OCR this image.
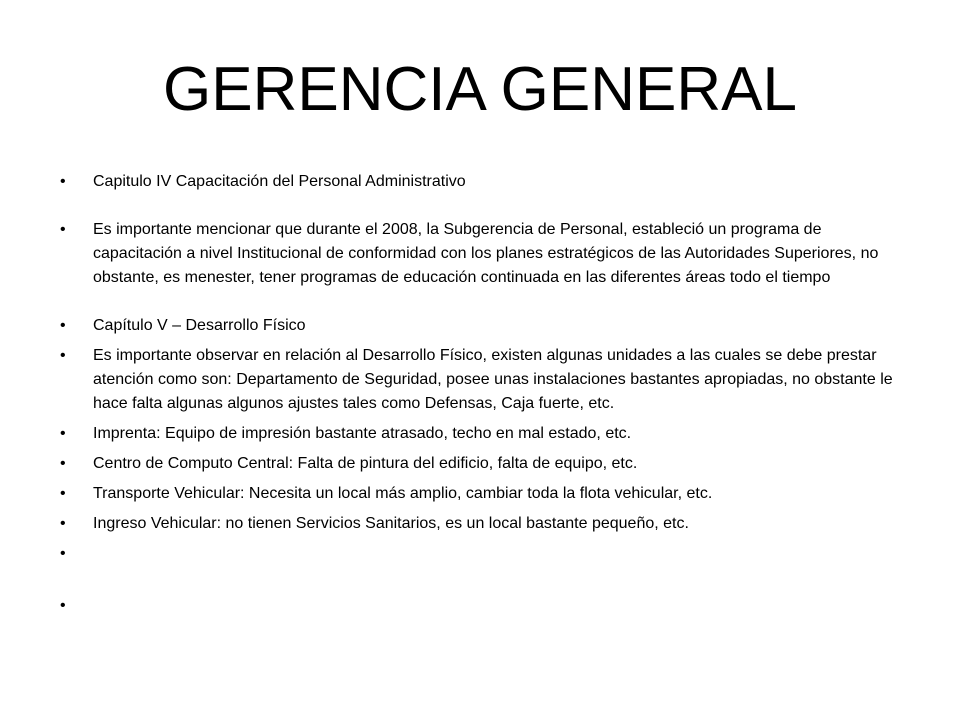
GERENCIA GENERAL
• Capitulo IV Capacitación del Personal Administrativo
• Es importante mencionar que durante el 2008, la Subgerencia de Personal, estableció un programa de capacitación a nivel Institucional de conformidad con los planes estratégicos de las Autoridades Superiores, no obstante, es menester, tener programas de educación continuada en las diferentes áreas todo el tiempo
• Capítulo V – Desarrollo Físico
• Es importante observar en relación al Desarrollo Físico, existen algunas unidades a las cuales se debe prestar atención como son: Departamento de Seguridad, posee unas instalaciones bastantes apropiadas, no obstante le hace falta algunas algunos ajustes tales como Defensas, Caja fuerte, etc.
• Imprenta: Equipo de impresión bastante atrasado, techo en mal estado, etc.
• Centro de Computo Central: Falta de pintura del edificio, falta de equipo, etc.
• Transporte Vehicular: Necesita un local más amplio, cambiar toda la flota vehicular, etc.
• Ingreso Vehicular: no tienen Servicios Sanitarios, es un local bastante pequeño, etc.
•
•
